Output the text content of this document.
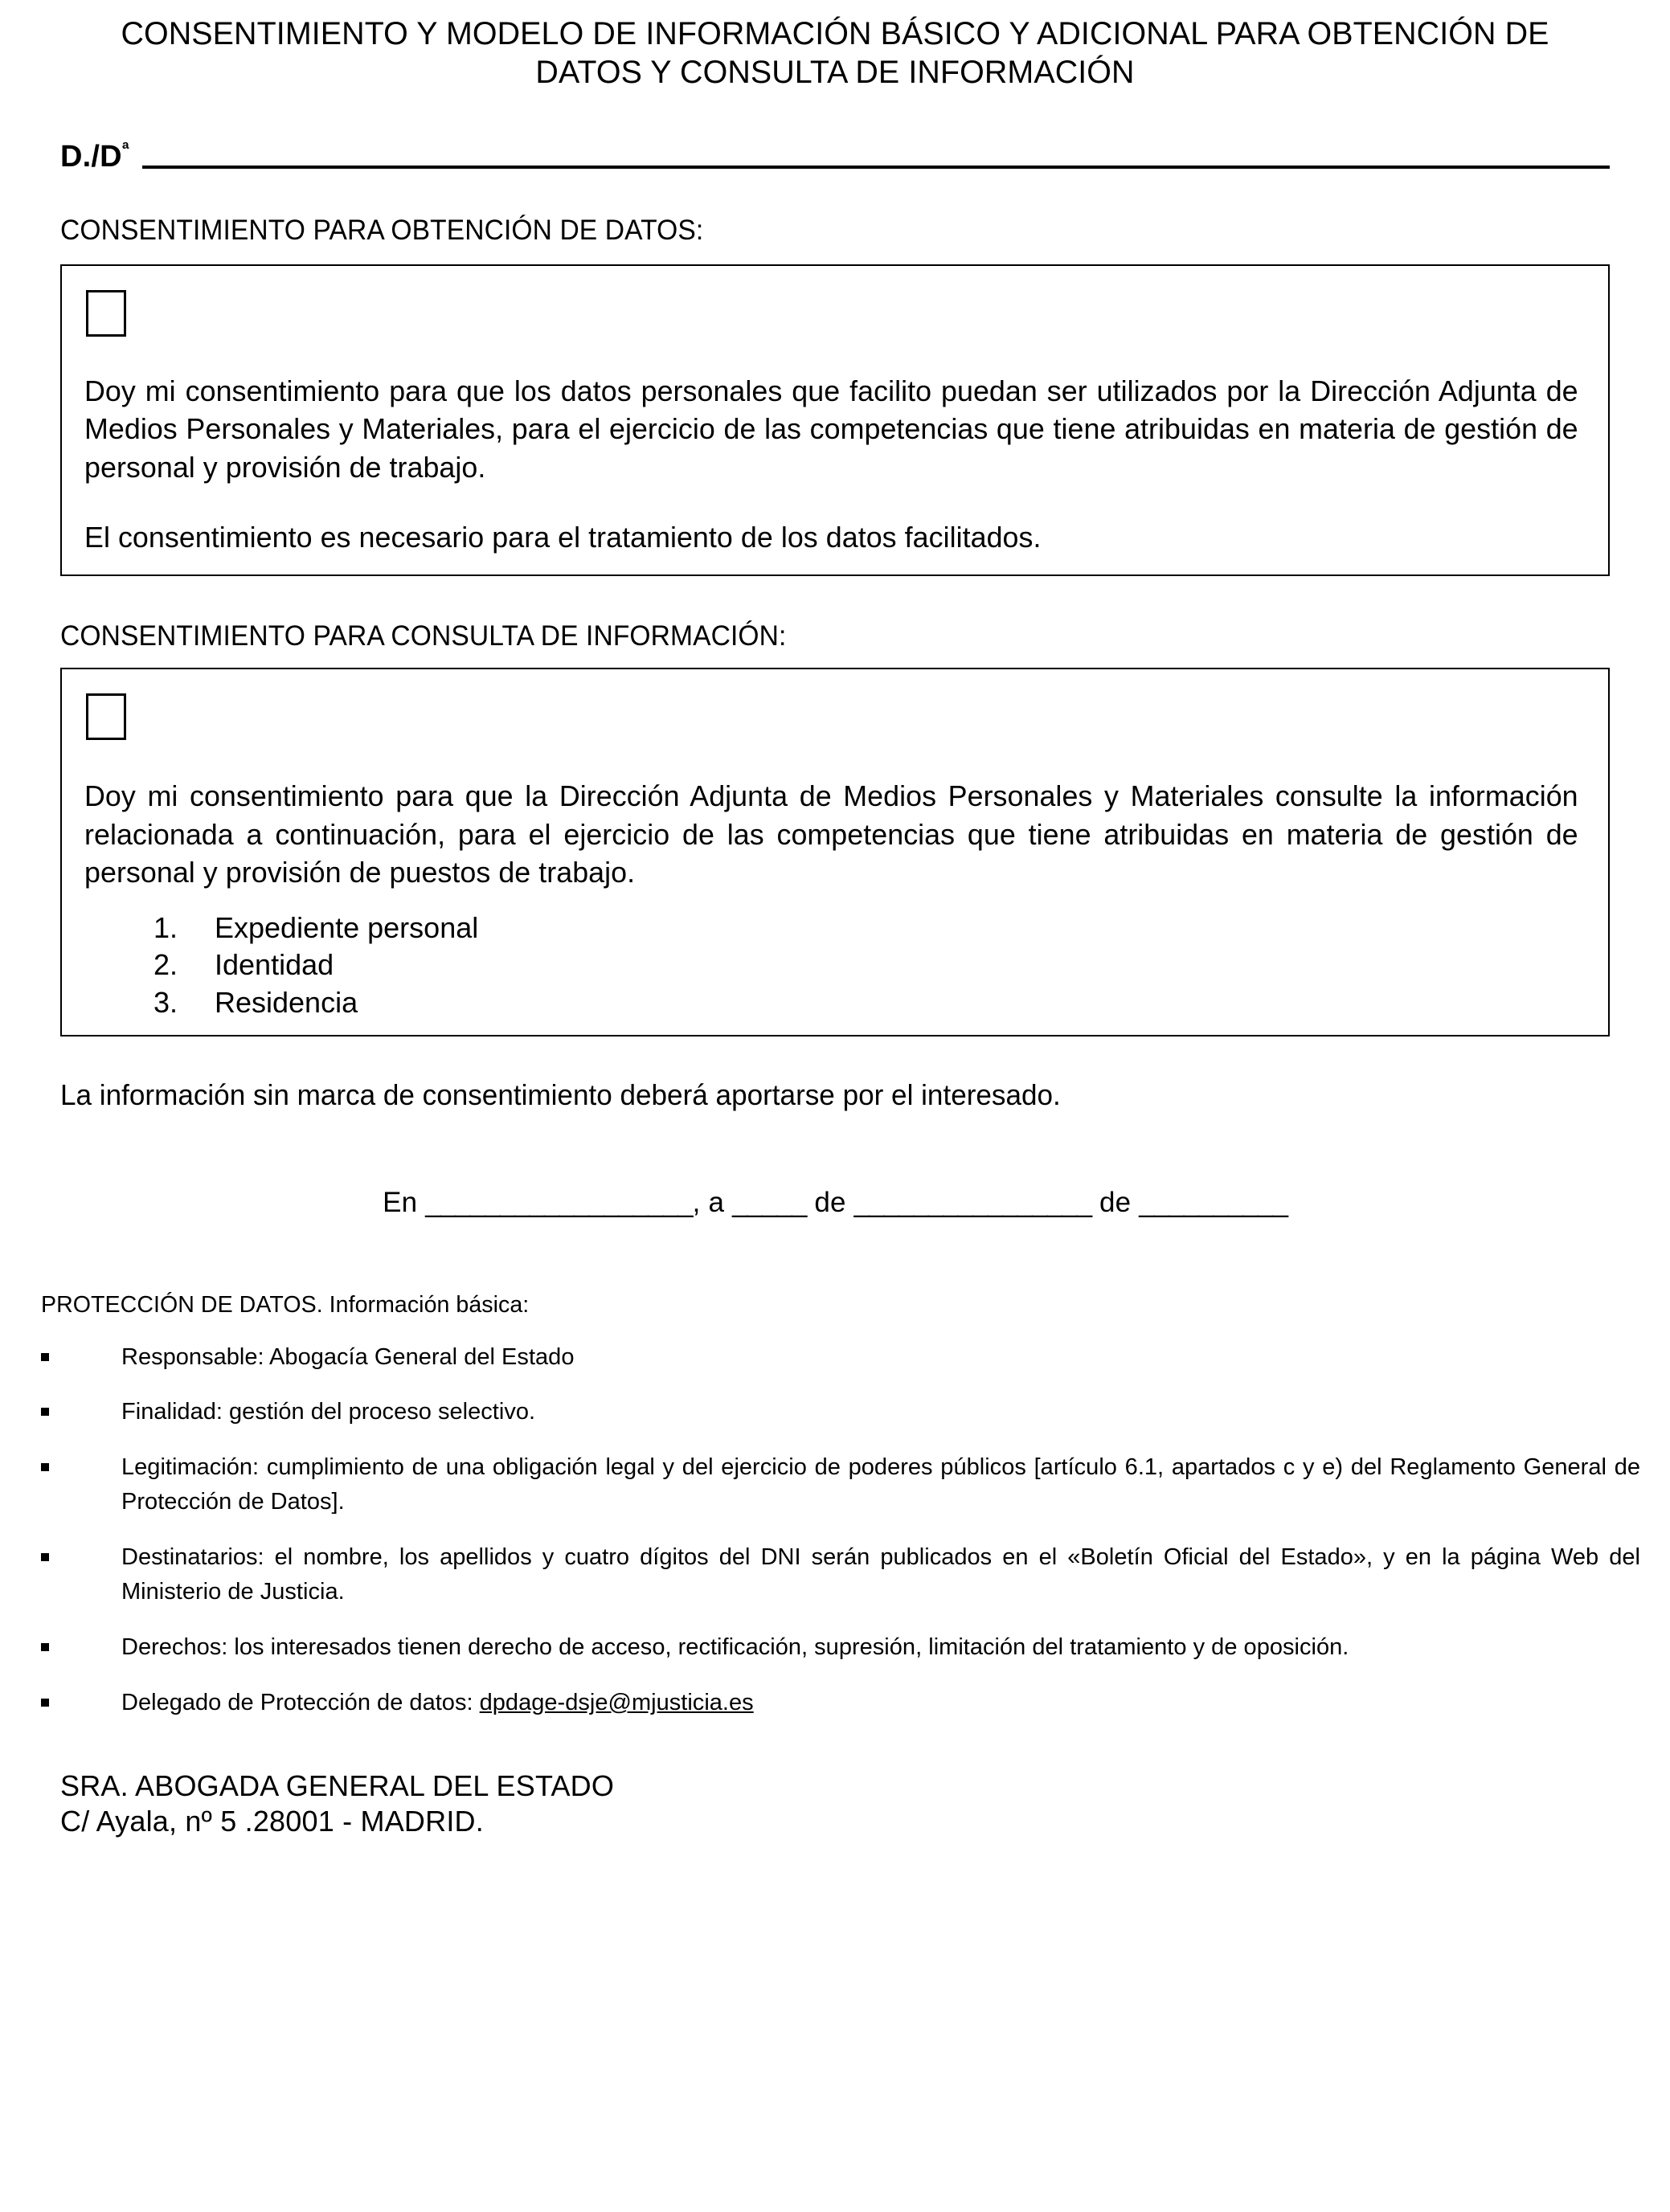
CONSENTIMIENTO Y MODELO DE INFORMACIÓN BÁSICO Y ADICIONAL PARA OBTENCIÓN DE
DATOS Y CONSULTA DE INFORMACIÓN
$D./D^ª$
CONSENTIMIENTO PARA OBTENCIÓN DE DATOS:

Doy mi consentimiento para que los datos personales que facilito puedan ser utilizados por la Dirección Adjunta de Medios Personales y Materiales, para el ejercicio de las competencias que tiene atribuidas en materia de gestión de personal y provisión de trabajo.

El consentimiento es necesario para el tratamiento de los datos facilitados.

CONSENTIMIENTO PARA CONSULTA DE INFORMACIÓN:

Doy mi consentimiento para que la Dirección Adjunta de Medios Personales y Materiales consulte la información relacionada a continuación, para el ejercicio de las competencias que tiene atribuidas en materia de gestión de personal y provisión de puestos de trabajo.

1.	Expediente personal
2.	Identidad
3.	Residencia
La información sin marca de consentimiento deberá aportarse por el interesado.
En __________________, a _____ de ________________ de __________
PROTECCIÓN DE DATOS. Información básica:
Responsable: Abogacía General del Estado
Finalidad: gestión del proceso selectivo.
Legitimación: cumplimiento de una obligación legal y del ejercicio de poderes públicos [artículo 6.1, apartados c y e) del Reglamento General de Protección de Datos].
Destinatarios: el nombre, los apellidos y cuatro dígitos del DNI serán publicados en el «Boletín Oficial del Estado», y en la página Web del Ministerio de Justicia.
Derechos: los interesados tienen derecho de acceso, rectificación, supresión, limitación del tratamiento y de oposición.
Delegado de Protección de datos: dpdage-dsje@mjusticia.es
SRA. ABOGADA GENERAL DEL ESTADO
C/ Ayala, nº 5 .28001 - MADRID.
